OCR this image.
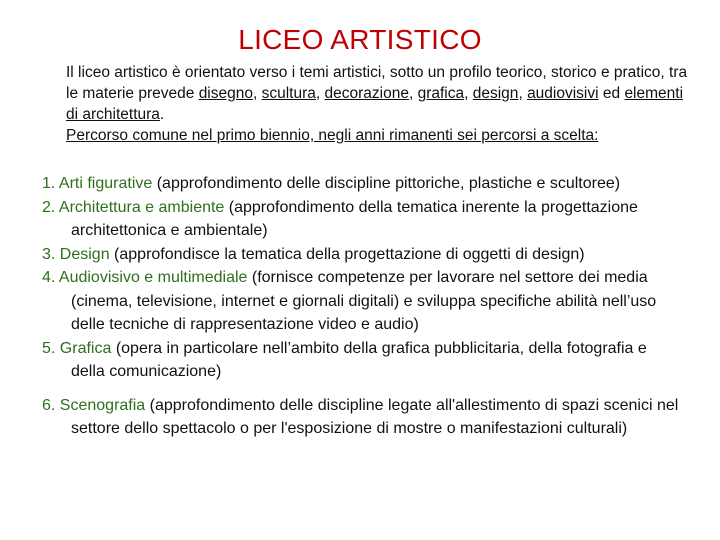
LICEO ARTISTICO

Il liceo artistico è orientato verso i temi artistici, sotto un profilo teorico, storico e pratico, tra le materie prevede disegno, scultura, decorazione, grafica, design, audiovisivi ed elementi di architettura.

Percorso comune nel primo biennio, negli anni rimanenti sei percorsi a scelta:

1. Arti figurative (approfondimento delle discipline pittoriche, plastiche e scultoree)

2. Architettura e ambiente (approfondimento della tematica inerente la progettazione architettonica e ambientale)

3. Design (approfondisce la tematica della progettazione di oggetti di design)

4. Audiovisivo e multimediale (fornisce competenze per lavorare nel settore dei media (cinema, televisione, internet e giornali digitali) e sviluppa specifiche abilità nell’uso delle tecniche di rappresentazione video e audio)

5. Grafica (opera in particolare nell’ambito della grafica pubblicitaria, della fotografia e della comunicazione)

6. Scenografia (approfondimento delle discipline legate all'allestimento di spazi scenici nel settore dello spettacolo o per l'esposizione di mostre o manifestazioni culturali)
